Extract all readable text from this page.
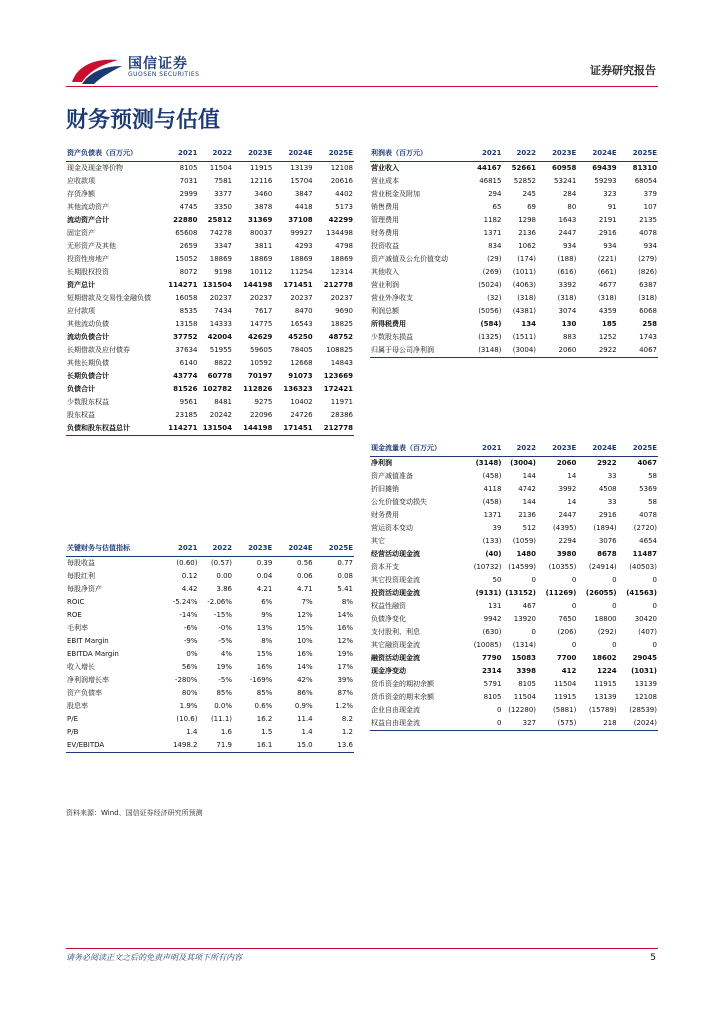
国信证券
GUOSEN SECURITIES	证券研究报告
财务预测与估值
资产负债表（百万元）	2021	2022	2023E	2024E	2025E
现金及现金等价物	8105	11504	11915	13139	12108
应收款项	7031	7581	12116	15704	20616
存货净额	2999	3377	3460	3847	4402
其他流动资产	4745	3350	3878	4418	5173
流动资产合计	22880	25812	31369	37108	42299
固定资产	65608	74278	80037	99927	134498
无形资产及其他	2659	3347	3811	4293	4798
投资性房地产	15052	18869	18869	18869	18869
长期股权投资	8072	9198	10112	11254	12314
资产总计	114271	131504	144198	171451	212778
短期借款及交易性金融负债	16058	20237	20237	20237	20237
应付款项	8535	7434	7617	8470	9690
其他流动负债	13158	14333	14775	16543	18825
流动负债合计	37752	42004	42629	45250	48752
长期借款及应付债券	37634	51955	59605	78405	108825
其他长期负债	6140	8822	10592	12668	14843
长期负债合计	43774	60778	70197	91073	123669
负债合计	81526	102782	112826	136323	172421
少数股东权益	9561	8481	9275	10402	11971
股东权益	23185	20242	22096	24726	28386
负债和股东权益总计	114271	131504	144198	171451	212778
利润表（百万元）	2021	2022	2023E	2024E	2025E
营业收入	44167	52661	60958	69439	81310
营业成本	46815	52852	53241	59293	68054
营业税金及附加	294	245	284	323	379
销售费用	65	69	80	91	107
管理费用	1182	1298	1643	2191	2135
财务费用	1371	2136	2447	2916	4078
投资收益	834	1062	934	934	934
资产减值及公允价值变动	(29)	(174)	(188)	(221)	(279)
其他收入	(269)	(1011)	(616)	(661)	(826)
营业利润	(5024)	(4063)	3392	4677	6387
营业外净收支	(32)	(318)	(318)	(318)	(318)
利润总额	(5056)	(4381)	3074	4359	6068
所得税费用	(584)	134	130	185	258
少数股东损益	(1325)	(1511)	883	1252	1743
归属于母公司净利润	(3148)	(3004)	2060	2922	4067
关键财务与估值指标	2021	2022	2023E	2024E	2025E
每股收益	(0.60)	(0.57)	0.39	0.56	0.77
每股红利	0.12	0.00	0.04	0.06	0.08
每股净资产	4.42	3.86	4.21	4.71	5.41
ROIC	-5.24%	-2.06%	6%	7%	8%
ROE	-14%	-15%	9%	12%	14%
毛利率	-6%	-0%	13%	15%	16%
EBIT Margin	-9%	-5%	8%	10%	12%
EBITDA Margin	0%	4%	15%	16%	19%
收入增长	56%	19%	16%	14%	17%
净利润增长率	-280%	-5%	-169%	42%	39%
资产负债率	80%	85%	85%	86%	87%
股息率	1.9%	0.0%	0.6%	0.9%	1.2%
P/E	(10.6)	(11.1)	16.2	11.4	8.2
P/B	1.4	1.6	1.5	1.4	1.2
EV/EBITDA	1498.2	71.9	16.1	15.0	13.6
现金流量表（百万元）	2021	2022	2023E	2024E	2025E
净利润	(3148)	(3004)	2060	2922	4067
资产减值准备	(458)	144	14	33	58
折旧摊销	4118	4742	3992	4508	5369
公允价值变动损失	(458)	144	14	33	58
财务费用	1371	2136	2447	2916	4078
营运资本变动	39	512	(4395)	(1894)	(2720)
其它	(133)	(1059)	2294	3076	4654
经营活动现金流	(40)	1480	3980	8678	11487
资本开支	(10732)	(14599)	(10355)	(24914)	(40503)
其它投资现金流	50	0	0	0	0
投资活动现金流	(9131)	(13152)	(11269)	(26055)	(41563)
权益性融资	131	467	0	0	0
负债净变化	9942	13920	7650	18800	30420
支付股利、利息	(630)	0	(206)	(292)	(407)
其它融资现金流	(10085)	(1314)	0	0	0
融资活动现金流	7790	15083	7700	18602	29045
现金净变动	2314	3398	412	1224	(1031)
货币资金的期初余额	5791	8105	11504	11915	13139
货币资金的期末余额	8105	11504	11915	13139	12108
企业自由现金流	0	(12280)	(5881)	(15789)	(28539)
权益自由现金流	0	327	(575)	218	(2024)
资料来源：Wind、国信证券经济研究所预测
请务必阅读正文之后的免责声明及其项下所有内容	5
